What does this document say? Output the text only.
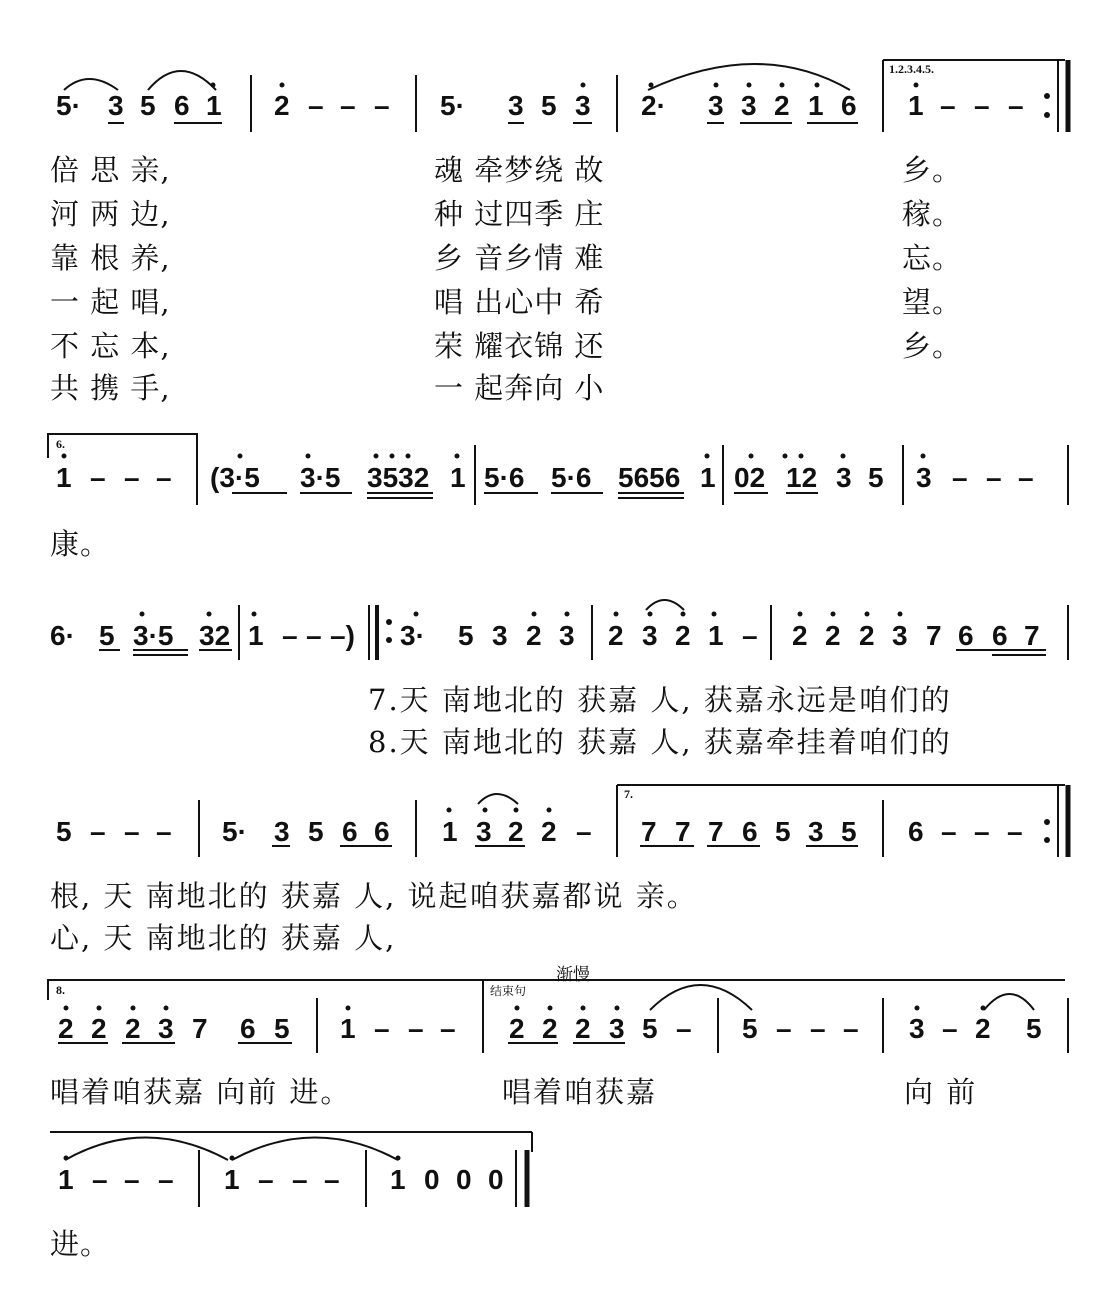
5· 3 5 6 1 2 – – – 5· 3 5 3 2· 3 3 2 1 6 1 – – –
1.2.3.4.5.
倍 思 亲,
河 两 边,
靠 根 养,
一 起 唱,
不 忘 本,
共 携 手,
魂 牵梦绕 故
种 过四季 庄
乡 音乡情 难
唱 出心中 希
荣 耀衣锦 还
一 起奔向 小
乡。
稼。
忘。
望。
乡。
6.
1 – – – (3·5 3·5 3532 1 5·6 5·6 5656 1 02 12 3 5 3 – – –
康。
6· 5 3·5 32 1 – – –) 3· 5 3 2 3 2 3 2 1 – 2 2 2 3 7 6 6 7
7.天 南地北的 获嘉 人, 获嘉永远是咱们的
8.天 南地北的 获嘉 人, 获嘉牵挂着咱们的
5 – – – 5· 3 5 6 6 1 3 2 2 – 7 7 7 6 5 3 5 6 – – –
7.
根, 天 南地北的 获嘉 人, 说起咱获嘉都说 亲。
心, 天 南地北的 获嘉 人,
8.	结束句
渐慢
2 2 2 3 7 6 5 1 – – – 2 2 2 3 5 – 5 – – – 3 – 2 5
唱着咱获嘉 向前 进。	唱着咱获嘉	向 前
1 – – – 1 – – – 1 0 0 0
进。
